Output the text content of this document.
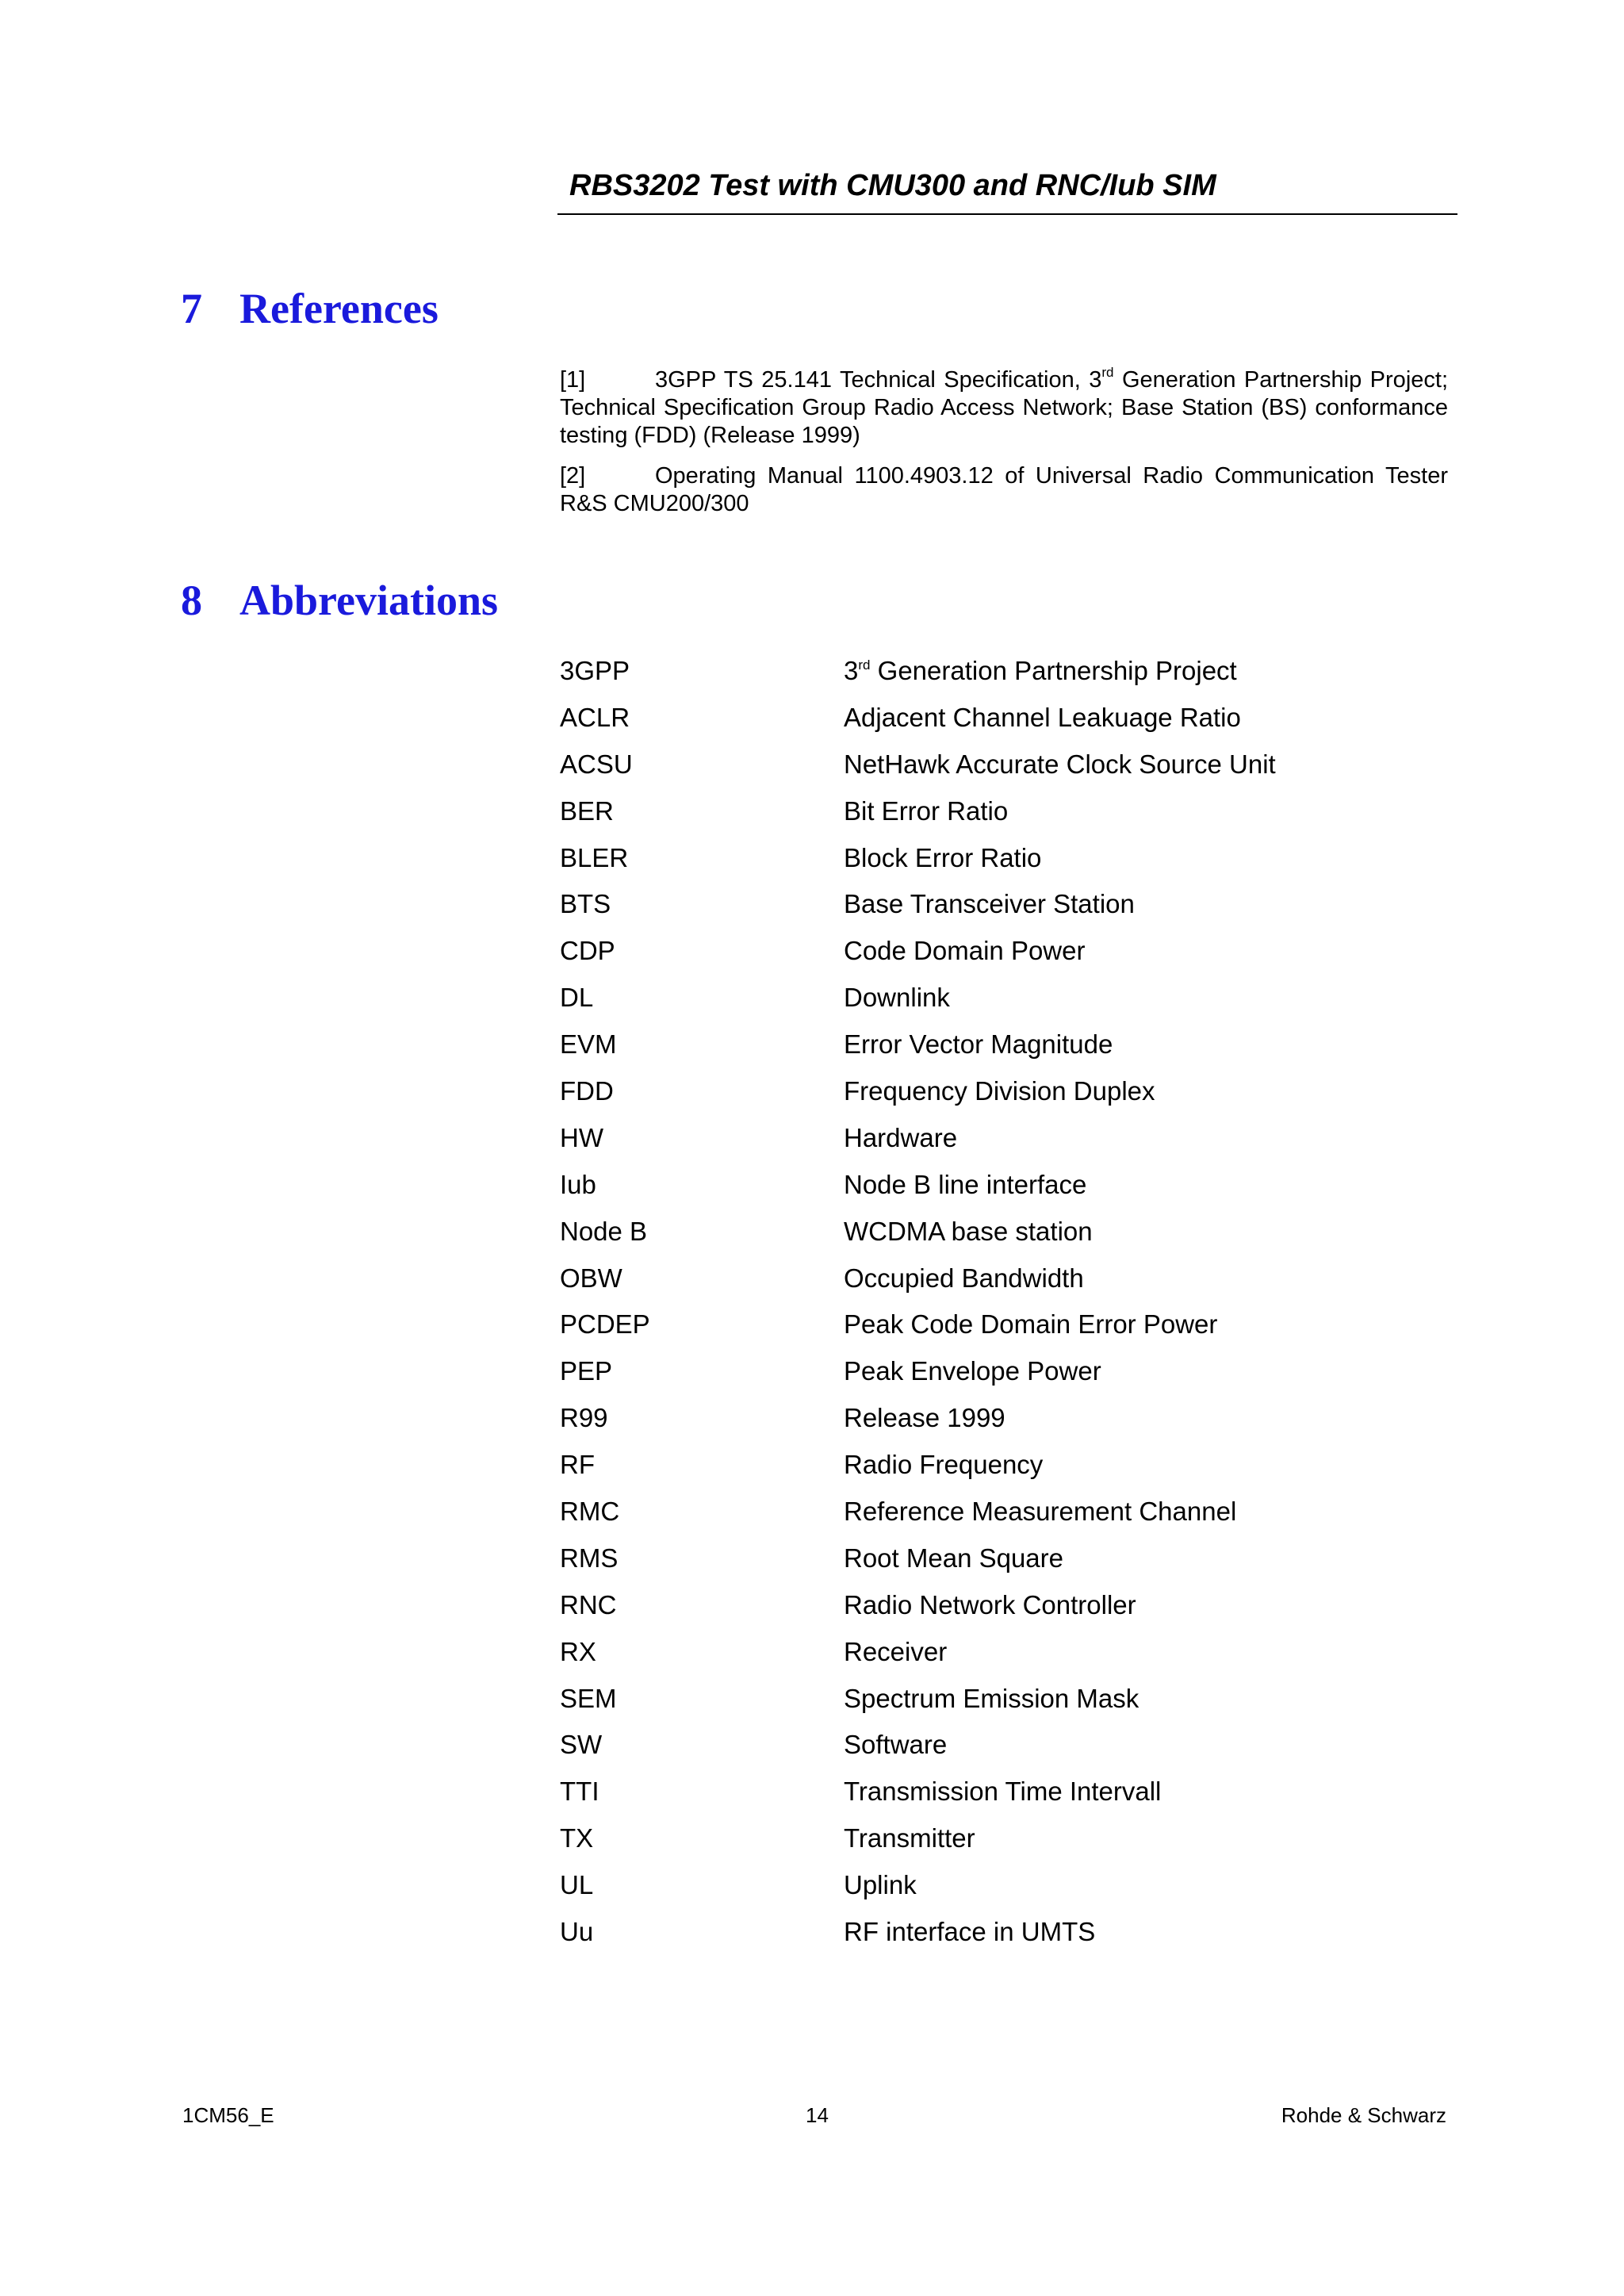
RBS3202 Test with CMU300 and RNC/Iub SIM
7 References
[1]	3GPP TS 25.141 Technical Specification, 3rd Generation Partnership Project; Technical Specification Group Radio Access Network; Base Station (BS) conformance testing (FDD) (Release 1999)
[2]	Operating Manual 1100.4903.12 of Universal Radio Communication Tester R&S CMU200/300
8 Abbreviations
3GPP	3rd Generation Partnership Project
ACLR	Adjacent Channel Leakuage Ratio
ACSU	NetHawk Accurate Clock Source Unit
BER	Bit Error Ratio
BLER	Block Error Ratio
BTS	Base Transceiver Station
CDP	Code Domain Power
DL	Downlink
EVM	Error Vector Magnitude
FDD	Frequency Division Duplex
HW	Hardware
Iub	Node B line interface
Node B	WCDMA base station
OBW	Occupied Bandwidth
PCDEP	Peak Code Domain Error Power
PEP	Peak Envelope Power
R99	Release 1999
RF	Radio Frequency
RMC	Reference Measurement Channel
RMS	Root Mean Square
RNC	Radio Network Controller
RX	Receiver
SEM	Spectrum Emission Mask
SW	Software
TTI	Transmission Time Intervall
TX	Transmitter
UL	Uplink
Uu	RF interface in UMTS
1CM56_E	14	Rohde & Schwarz
